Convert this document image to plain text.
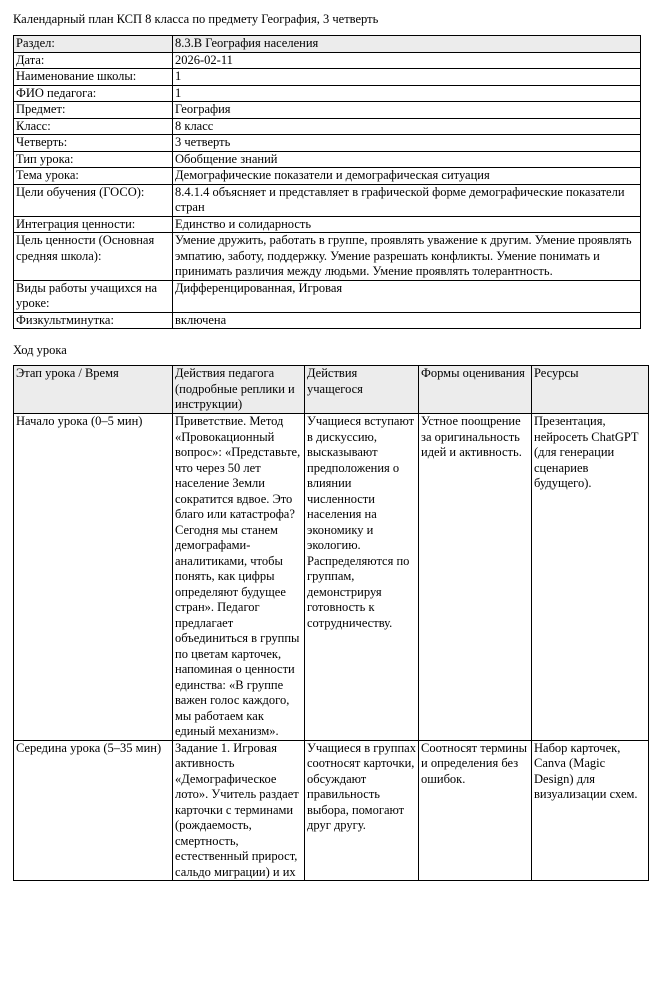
Календарный план КСП 8 класса по предмету География, 3 четверть
Раздел:	8.3.В География населения
Дата:	2026-02-11
Наименование школы:	1
ФИО педагога:	1
Предмет:	География
Класс:	8 класс
Четверть:	3 четверть
Тип урока:	Обобщение знаний
Тема урока:	Демографические показатели и демографическая ситуация
Цели обучения (ГОСО):	8.4.1.4 объясняет и представляет в графической форме демографические показатели стран
Интеграция ценности:	Единство и солидарность
Цель ценности (Основная средняя школа):	Умение дружить, работать в группе, проявлять уважение к другим. Умение проявлять эмпатию, заботу, поддержку. Умение разрешать конфликты. Умение понимать и принимать различия между людьми. Умение проявлять толерантность.
Виды работы учащихся на уроке:	Дифференцированная, Игровая
Физкультминутка:	включена
Ход урока
Этап урока / Время	Действия педагога (подробные реплики и инструкции)	Действия учащегося	Формы оценивания	Ресурсы
Начало урока (0–5 мин)	Приветствие. Метод «Провокационный вопрос»: «Представьте, что через 50 лет население Земли сократится вдвое. Это благо или катастрофа? Сегодня мы станем демографами-аналитиками, чтобы понять, как цифры определяют будущее стран». Педагог предлагает объединиться в группы по цветам карточек, напоминая о ценности единства: «В группе важен голос каждого, мы работаем как единый механизм».	Учащиеся вступают в дискуссию, высказывают предположения о влиянии численности населения на экономику и экологию. Распределяются по группам, демонстрируя готовность к сотрудничеству.	Устное поощрение за оригинальность идей и активность.	Презентация, нейросеть ChatGPT (для генерации сценариев будущего).
Середина урока (5–35 мин)	Задание 1. Игровая активность «Демографическое лото». Учитель раздает карточки с терминами (рождаемость, смертность, естественный прирост, сальдо миграции) и их	Учащиеся в группах соотносят карточки, обсуждают правильность выбора, помогают друг другу.	Соотносят термины и определения без ошибок.	Набор карточек, Canva (Magic Design) для визуализации схем.
